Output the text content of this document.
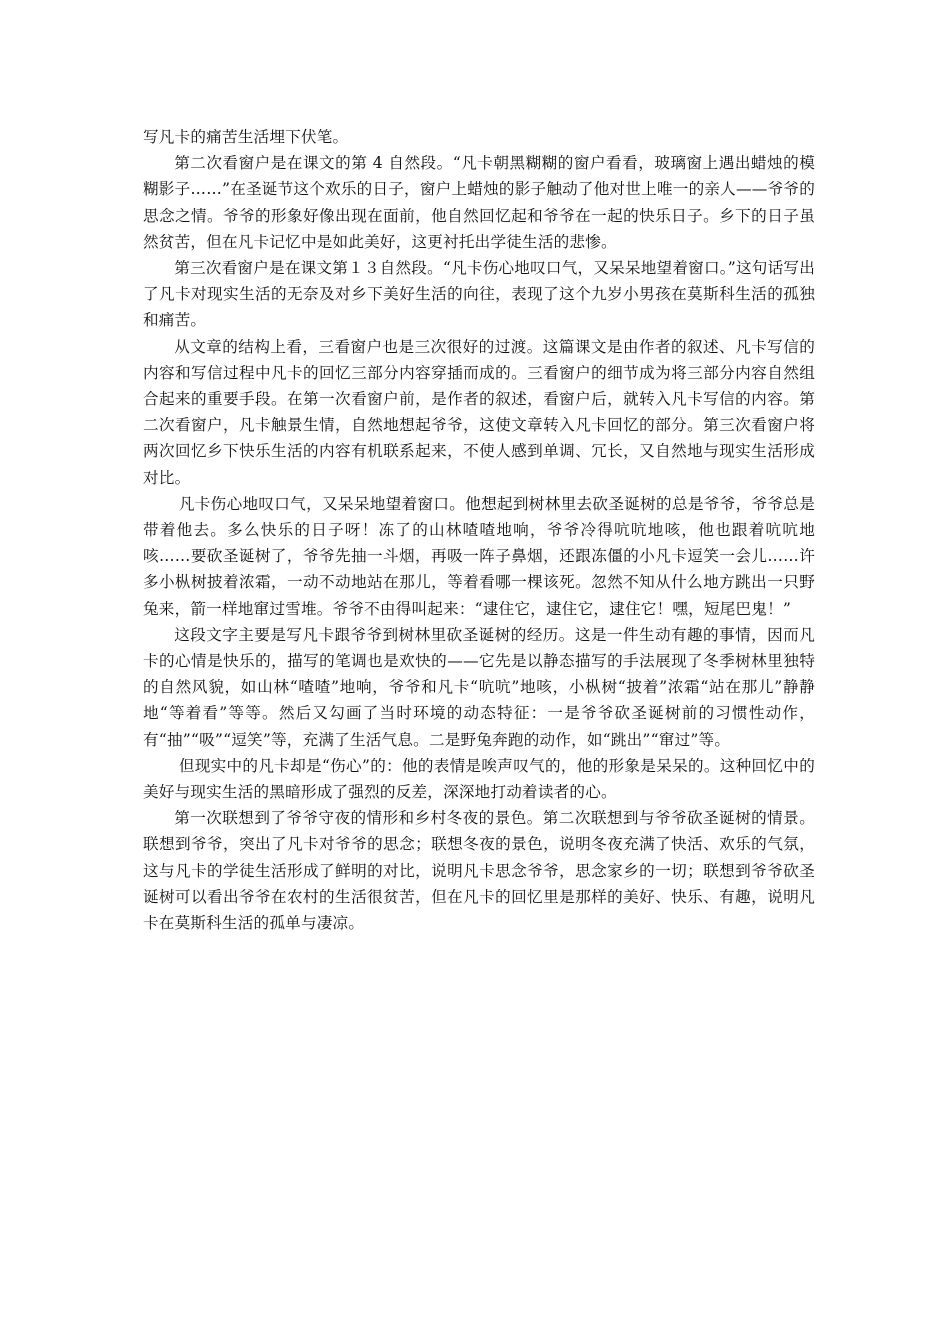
写凡卡的痛苦生活埋下伏笔。

第二次看窗户是在课文的第 4 自然段。“凡卡朝黑糊糊的窗户看看，玻璃窗上遇出蜡烛的模糊影子……”在圣诞节这个欢乐的日子，窗户上蜡烛的影子触动了他对世上唯一的亲人——爷爷的思念之情。爷爷的形象好像出现在面前，他自然回忆起和爷爷在一起的快乐日子。乡下的日子虽然贫苦，但在凡卡记忆中是如此美好，这更衬托出学徒生活的悲惨。

第三次看窗户是在课文第１３自然段。“凡卡伤心地叹口气，又呆呆地望着窗口。”这句话写出了凡卡对现实生活的无奈及对乡下美好生活的向往，表现了这个九岁小男孩在莫斯科生活的孤独和痛苦。

从文章的结构上看，三看窗户也是三次很好的过渡。这篇课文是由作者的叙述、凡卡写信的内容和写信过程中凡卡的回忆三部分内容穿插而成的。三看窗户的细节成为将三部分内容自然组合起来的重要手段。在第一次看窗户前，是作者的叙述，看窗户后，就转入凡卡写信的内容。第二次看窗户，凡卡触景生情，自然地想起爷爷，这使文章转入凡卡回忆的部分。第三次看窗户将两次回忆乡下快乐生活的内容有机联系起来，不使人感到单调、冗长，又自然地与现实生活形成对比。

凡卡伤心地叹口气，又呆呆地望着窗口。他想起到树林里去砍圣诞树的总是爷爷，爷爷总是带着他去。多么快乐的日子呀！冻了的山林喳喳地响，爷爷冷得吭吭地咳，他也跟着吭吭地咳……要砍圣诞树了，爷爷先抽一斗烟，再吸一阵子鼻烟，还跟冻僵的小凡卡逗笑一会儿……许多小枞树披着浓霜，一动不动地站在那儿，等着看哪一棵该死。忽然不知从什么地方跳出一只野兔来，箭一样地窜过雪堆。爷爷不由得叫起来：“逮住它，逮住它，逮住它！嘿，短尾巴鬼！”

这段文字主要是写凡卡跟爷爷到树林里砍圣诞树的经历。这是一件生动有趣的事情，因而凡卡的心情是快乐的，描写的笔调也是欢快的——它先是以静态描写的手法展现了冬季树林里独特的自然风貌，如山林“喳喳”地响，爷爷和凡卡“吭吭”地咳，小枞树“披着”浓霜“站在那儿”静静地“等着看”等等。然后又勾画了当时环境的动态特征：一是爷爷砍圣诞树前的习惯性动作，有“抽”“吸”“逗笑”等，充满了生活气息。二是野兔奔跑的动作，如“跳出”“窜过”等。

但现实中的凡卡却是“伤心”的：他的表情是唉声叹气的，他的形象是呆呆的。这种回忆中的美好与现实生活的黑暗形成了强烈的反差，深深地打动着读者的心。

第一次联想到了爷爷守夜的情形和乡村冬夜的景色。第二次联想到与爷爷砍圣诞树的情景。联想到爷爷，突出了凡卡对爷爷的思念；联想冬夜的景色，说明冬夜充满了快活、欢乐的气氛，这与凡卡的学徒生活形成了鲜明的对比，说明凡卡思念爷爷，思念家乡的一切；联想到爷爷砍圣诞树可以看出爷爷在农村的生活很贫苦，但在凡卡的回忆里是那样的美好、快乐、有趣，说明凡卡在莫斯科生活的孤单与凄凉。
